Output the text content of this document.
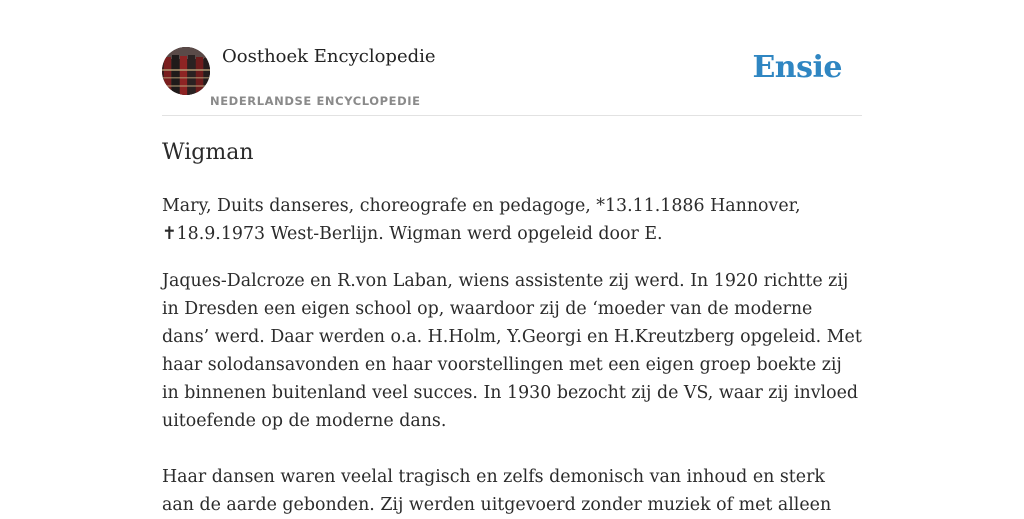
Oosthoek Encyclopedie
NEDERLANDSE ENCYCLOPEDIE
Ensie
Wigman

Mary, Duits danseres, choreografe en pedagoge, *13.11.1886 Hannover, ✝18.9.1973 West-Berlijn. Wigman werd opgeleid door E.

Jaques-Dalcroze en R.von Laban, wiens assistente zij werd. In 1920 richtte zij in Dresden een eigen school op, waardoor zij de ‘moeder van de moderne dans’ werd. Daar werden o.a. H.Holm, Y.Georgi en H.Kreutzberg opgeleid. Met haar solodansavonden en haar voorstellingen met een eigen groep boekte zij in binnenen buitenland veel succes. In 1930 bezocht zij de VS, waar zij invloed uitoefende op de moderne dans.

Haar dansen waren veelal tragisch en zelfs demonisch van inhoud en sterk aan de aarde gebonden. Zij werden uitgevoerd zonder muziek of met alleen
